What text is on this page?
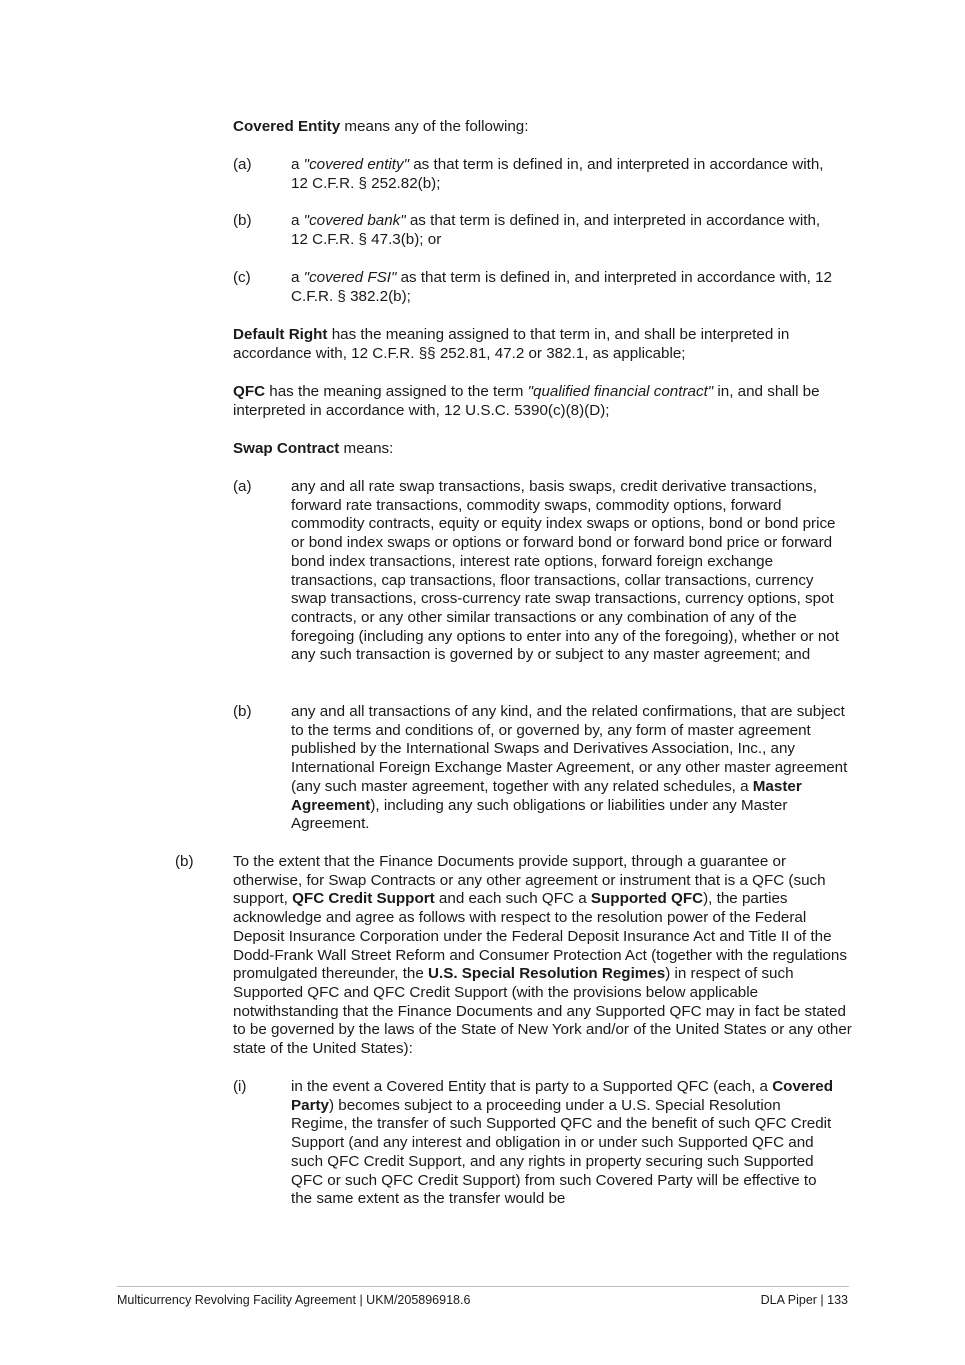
Covered Entity means any of the following:

(a)	a "covered entity" as that term is defined in, and interpreted in accordance with, 12 C.F.R. § 252.82(b);

(b)	a "covered bank" as that term is defined in, and interpreted in accordance with, 12 C.F.R. § 47.3(b); or

(c)	a "covered FSI" as that term is defined in, and interpreted in accordance with, 12 C.F.R. § 382.2(b);

Default Right has the meaning assigned to that term in, and shall be interpreted in accordance with, 12 C.F.R. §§ 252.81, 47.2 or 382.1, as applicable;

QFC has the meaning assigned to the term "qualified financial contract" in, and shall be interpreted in accordance with, 12 U.S.C. 5390(c)(8)(D);

Swap Contract means:

(a)	any and all rate swap transactions, basis swaps, credit derivative transactions, forward rate transactions, commodity swaps, commodity options, forward commodity contracts, equity or equity index swaps or options, bond or bond price or bond index swaps or options or forward bond or forward bond price or forward bond index transactions, interest rate options, forward foreign exchange transactions, cap transactions, floor transactions, collar transactions, currency swap transactions, cross-currency rate swap transactions, currency options, spot contracts, or any other similar transactions or any combination of any of the foregoing (including any options to enter into any of the foregoing), whether or not any such transaction is governed by or subject to any master agreement; and

(b)	any and all transactions of any kind, and the related confirmations, that are subject to the terms and conditions of, or governed by, any form of master agreement published by the International Swaps and Derivatives Association, Inc., any International Foreign Exchange Master Agreement, or any other master agreement (any such master agreement, together with any related schedules, a Master Agreement), including any such obligations or liabilities under any Master Agreement.

(b)	To the extent that the Finance Documents provide support, through a guarantee or otherwise, for Swap Contracts or any other agreement or instrument that is a QFC (such support, QFC Credit Support and each such QFC a Supported QFC), the parties acknowledge and agree as follows with respect to the resolution power of the Federal Deposit Insurance Corporation under the Federal Deposit Insurance Act and Title II of the Dodd-Frank Wall Street Reform and Consumer Protection Act (together with the regulations promulgated thereunder, the U.S. Special Resolution Regimes) in respect of such Supported QFC and QFC Credit Support (with the provisions below applicable notwithstanding that the Finance Documents and any Supported QFC may in fact be stated to be governed by the laws of the State of New York and/or of the United States or any other state of the United States):

(i)	in the event a Covered Entity that is party to a Supported QFC (each, a Covered Party) becomes subject to a proceeding under a U.S. Special Resolution Regime, the transfer of such Supported QFC and the benefit of such QFC Credit Support (and any interest and obligation in or under such Supported QFC and such QFC Credit Support, and any rights in property securing such Supported QFC or such QFC Credit Support) from such Covered Party will be effective to the same extent as the transfer would be

Multicurrency Revolving Facility Agreement | UKM/205896918.6	DLA Piper | 133
